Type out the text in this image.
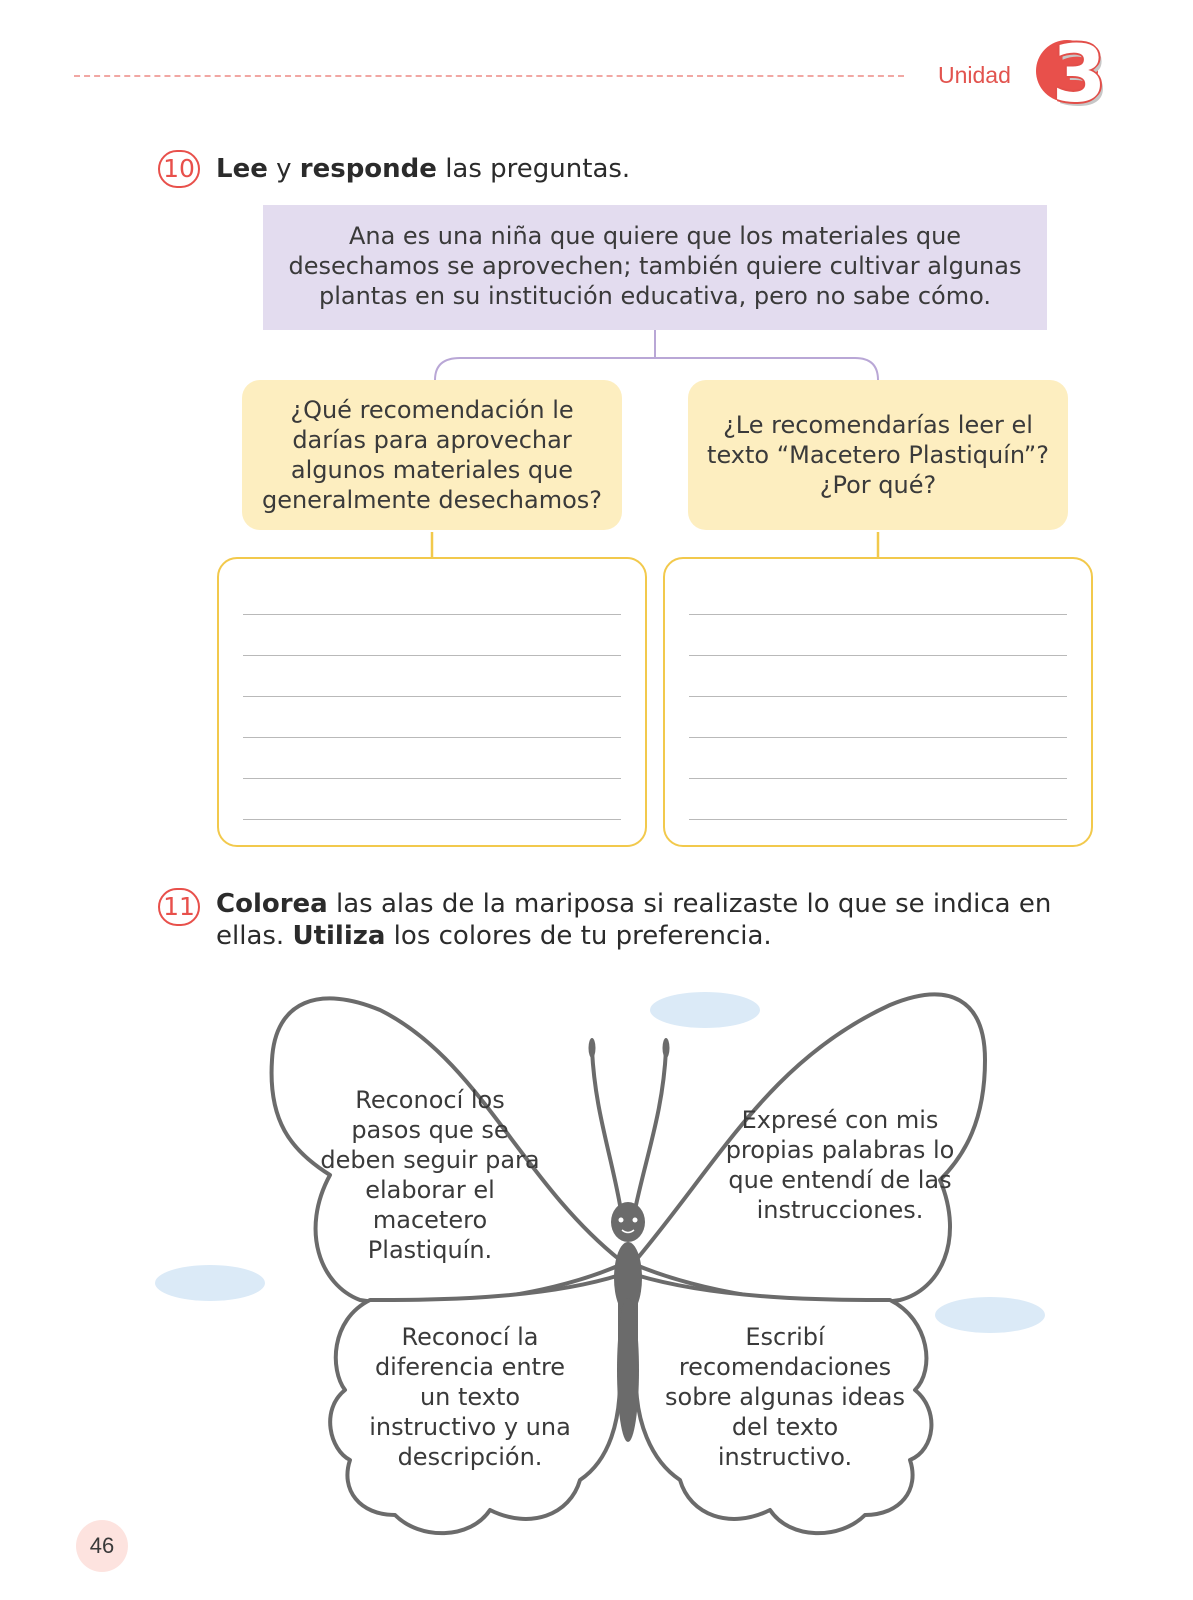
Unidad 3
10 Lee y responde las preguntas.
Ana es una niña que quiere que los materiales que desechamos se aprovechen; también quiere cultivar algunas plantas en su institución educativa, pero no sabe cómo.
¿Qué recomendación le darías para aprovechar algunos materiales que generalmente desechamos?
¿Le recomendarías leer el texto “Macetero Plastiquín”? ¿Por qué?
11 Colorea las alas de la mariposa si realizaste lo que se indica en ellas. Utiliza los colores de tu preferencia.
Reconocí los pasos que se deben seguir para elaborar el macetero Plastiquín.
Expresé con mis propias palabras lo que entendí de las instrucciones.
Reconocí la diferencia entre un texto instructivo y una descripción.
Escribí recomendaciones sobre algunas ideas del texto instructivo.
46
